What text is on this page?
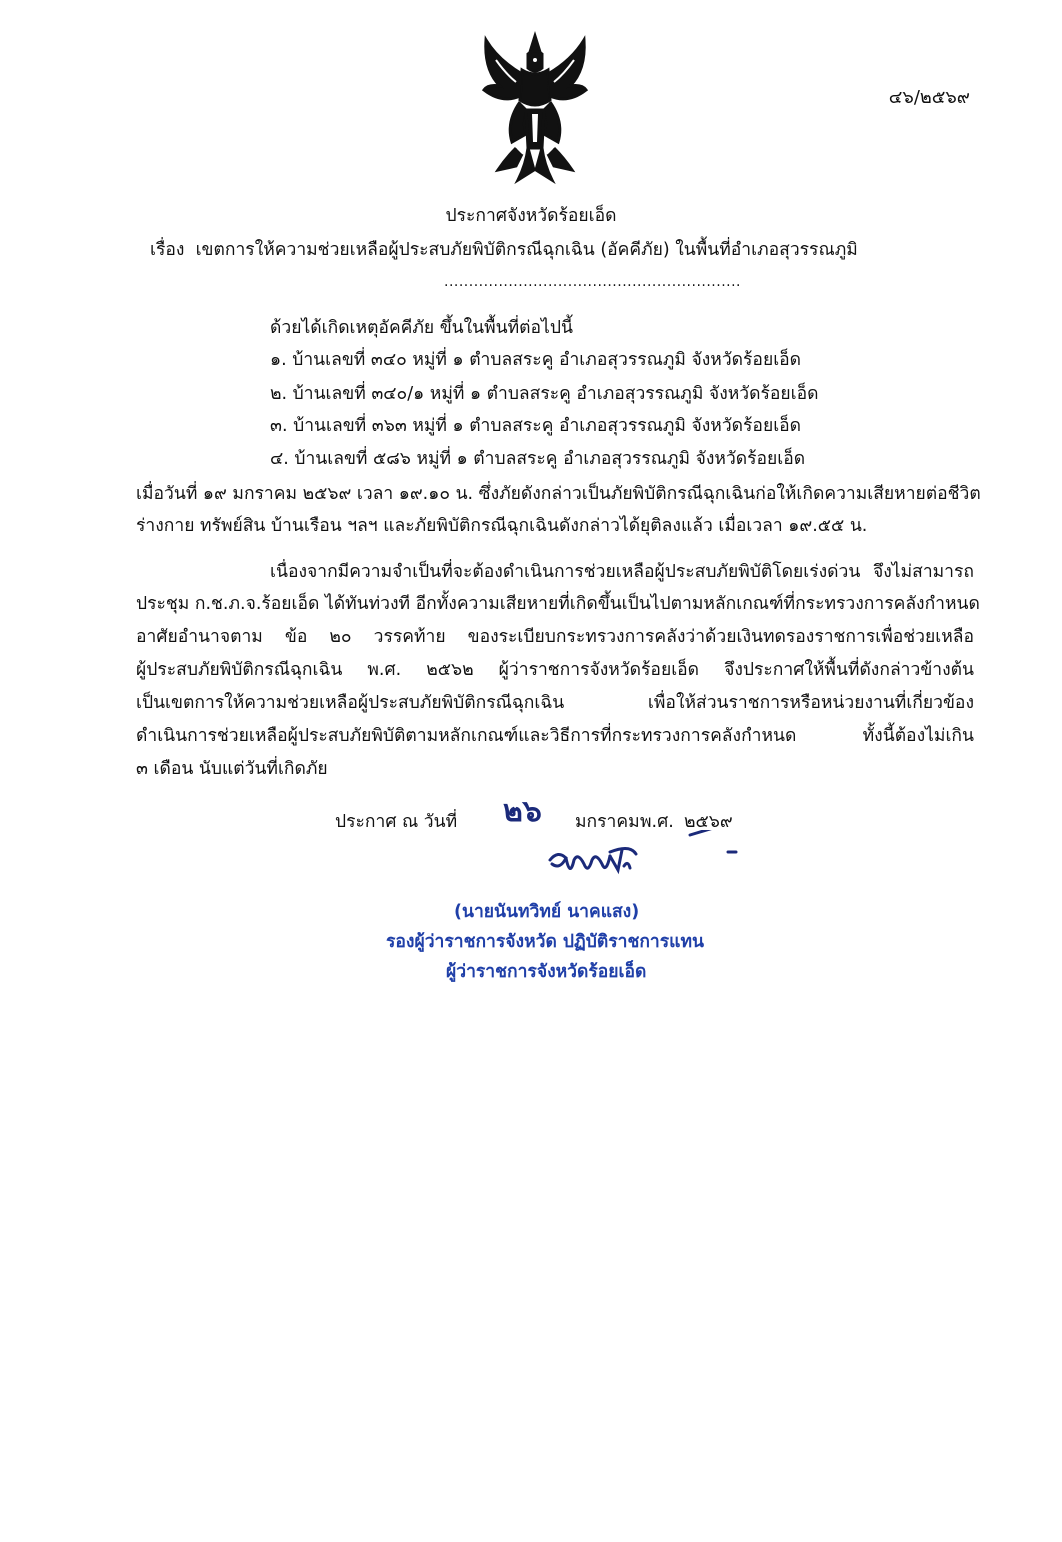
๔๖/๒๕๖๙
ประกาศจังหวัดร้อยเอ็ด
เรื่อง เขตการให้ความช่วยเหลือผู้ประสบภัยพิบัติกรณีฉุกเฉิน (อัคคีภัย) ในพื้นที่อำเภอสุวรรณภูมิ
............................................................
ด้วยได้เกิดเหตุอัคคีภัย ขึ้นในพื้นที่ต่อไปนี้
๑. บ้านเลขที่ ๓๔๐ หมู่ที่ ๑ ตำบลสระคู อำเภอสุวรรณภูมิ จังหวัดร้อยเอ็ด
๒. บ้านเลขที่ ๓๔๐/๑ หมู่ที่ ๑ ตำบลสระคู อำเภอสุวรรณภูมิ จังหวัดร้อยเอ็ด
๓. บ้านเลขที่ ๓๖๓ หมู่ที่ ๑ ตำบลสระคู อำเภอสุวรรณภูมิ จังหวัดร้อยเอ็ด
๔. บ้านเลขที่ ๕๘๖ หมู่ที่ ๑ ตำบลสระคู อำเภอสุวรรณภูมิ จังหวัดร้อยเอ็ด
เมื่อวันที่ ๑๙ มกราคม ๒๕๖๙ เวลา ๑๙.๑๐ น. ซึ่งภัยดังกล่าวเป็นภัยพิบัติกรณีฉุกเฉินก่อให้เกิดความเสียหายต่อชีวิต
ร่างกาย ทรัพย์สิน บ้านเรือน ฯลฯ และภัยพิบัติกรณีฉุกเฉินดังกล่าวได้ยุติลงแล้ว เมื่อเวลา ๑๙.๕๕ น.
เนื่องจากมีความจำเป็นที่จะต้องดำเนินการช่วยเหลือผู้ประสบภัยพิบัติโดยเร่งด่วน จึงไม่สามารถ
ประชุม ก.ช.ภ.จ.ร้อยเอ็ด ได้ทันท่วงที อีกทั้งความเสียหายที่เกิดขึ้นเป็นไปตามหลักเกณฑ์ที่กระทรวงการคลังกำหนด
อาศัยอำนาจตาม ข้อ ๒๐ วรรคท้าย ของระเบียบกระทรวงการคลังว่าด้วยเงินทดรองราชการเพื่อช่วยเหลือ
ผู้ประสบภัยพิบัติกรณีฉุกเฉิน พ.ศ. ๒๕๖๒ ผู้ว่าราชการจังหวัดร้อยเอ็ด จึงประกาศให้พื้นที่ดังกล่าวข้างต้น
เป็นเขตการให้ความช่วยเหลือผู้ประสบภัยพิบัติกรณีฉุกเฉิน เพื่อให้ส่วนราชการหรือหน่วยงานที่เกี่ยวข้อง
ดำเนินการช่วยเหลือผู้ประสบภัยพิบัติตามหลักเกณฑ์และวิธีการที่กระทรวงการคลังกำหนด ทั้งนี้ต้องไม่เกิน
๓ เดือน นับแต่วันที่เกิดภัย
ประกาศ ณ วันที่ ๒๖ มกราคม พ.ศ. ๒๕๖๙
(นายนันทวิทย์ นาคแสง)
รองผู้ว่าราชการจังหวัด ปฏิบัติราชการแทน
ผู้ว่าราชการจังหวัดร้อยเอ็ด
